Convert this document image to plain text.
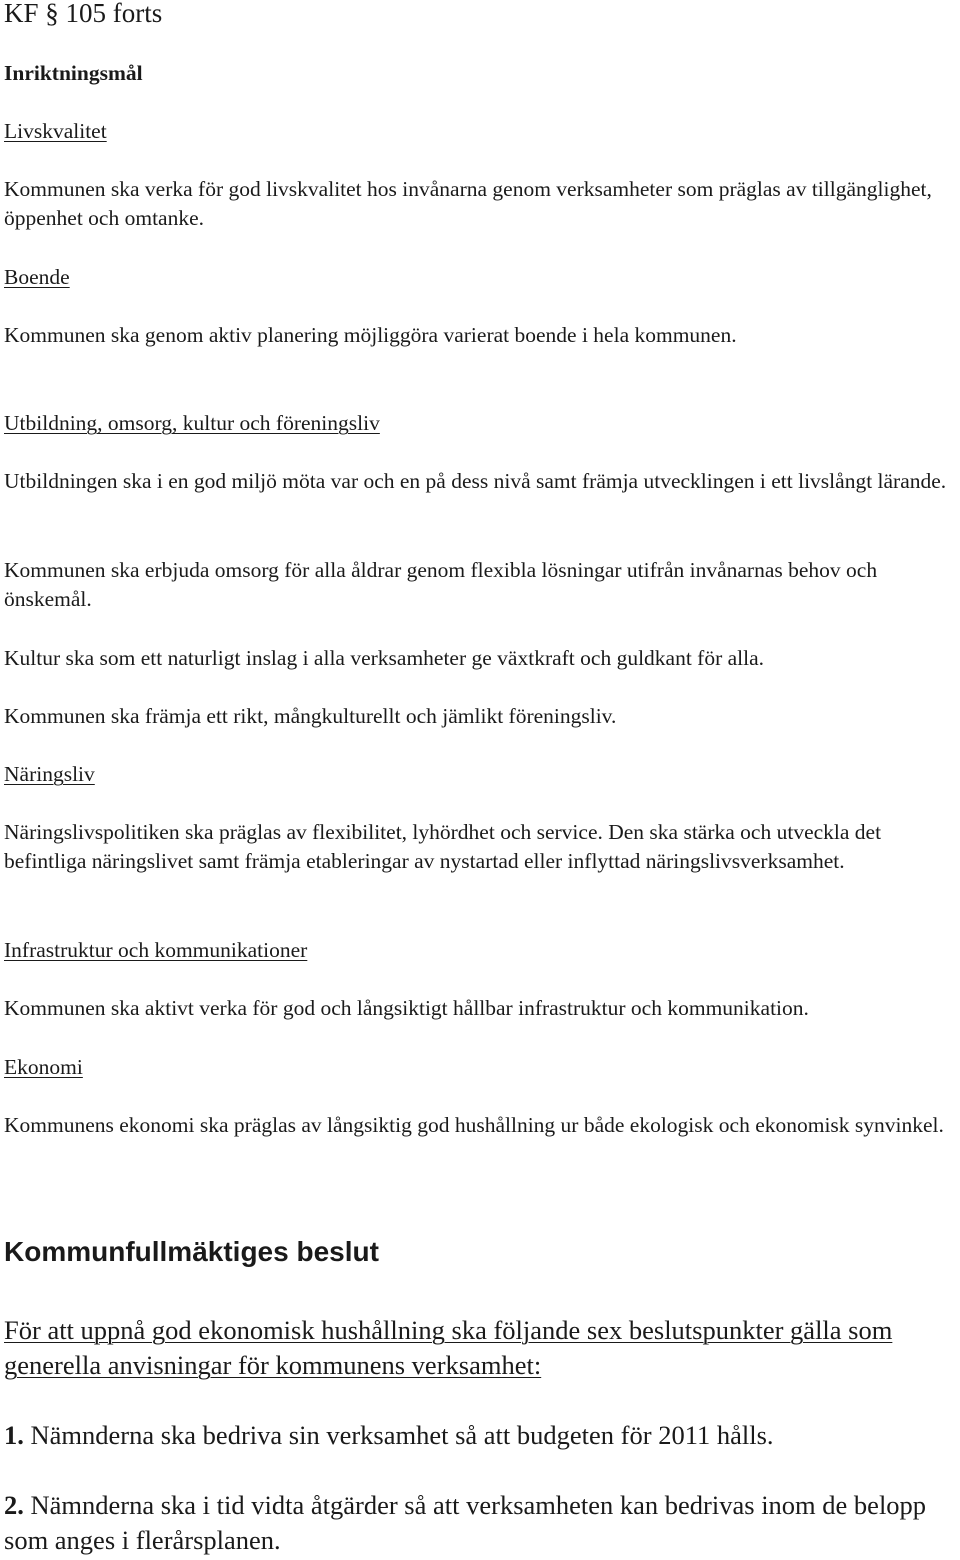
KF § 105 forts

Inriktningsmål

Livskvalitet

Kommunen ska verka för god livskvalitet hos invånarna genom verksamheter som präglas av tillgänglighet, öppenhet och omtanke.

Boende

Kommunen ska genom aktiv planering möjliggöra varierat boende i hela kommunen.

Utbildning, omsorg, kultur och föreningsliv

Utbildningen ska i en god miljö möta var och en på dess nivå samt främja utvecklingen i ett livslångt lärande.

Kommunen ska erbjuda omsorg för alla åldrar genom flexibla lösningar utifrån invånarnas behov och önskemål.

Kultur ska som ett naturligt inslag i alla verksamheter ge växtkraft och guldkant för alla.

Kommunen ska främja ett rikt, mångkulturellt och jämlikt föreningsliv.

Näringsliv

Näringslivspolitiken ska präglas av flexibilitet, lyhördhet och service. Den ska stärka och utveckla det befintliga näringslivet samt främja etableringar av nystartad eller inflyttad näringslivsverksamhet.

Infrastruktur och kommunikationer

Kommunen ska aktivt verka för god och långsiktigt hållbar infrastruktur och kommunikation.

Ekonomi

Kommunens ekonomi ska präglas av långsiktig god hushållning ur både ekologisk och ekonomisk synvinkel.

Kommunfullmäktiges beslut

För att uppnå god ekonomisk hushållning ska följande sex beslutspunkter gälla som generella anvisningar för kommunens verksamhet:

1. Nämnderna ska bedriva sin verksamhet så att budgeten för 2011 hålls.

2. Nämnderna ska i tid vidta åtgärder så att verksamheten kan bedrivas inom de belopp som anges i flerårsplanen.
